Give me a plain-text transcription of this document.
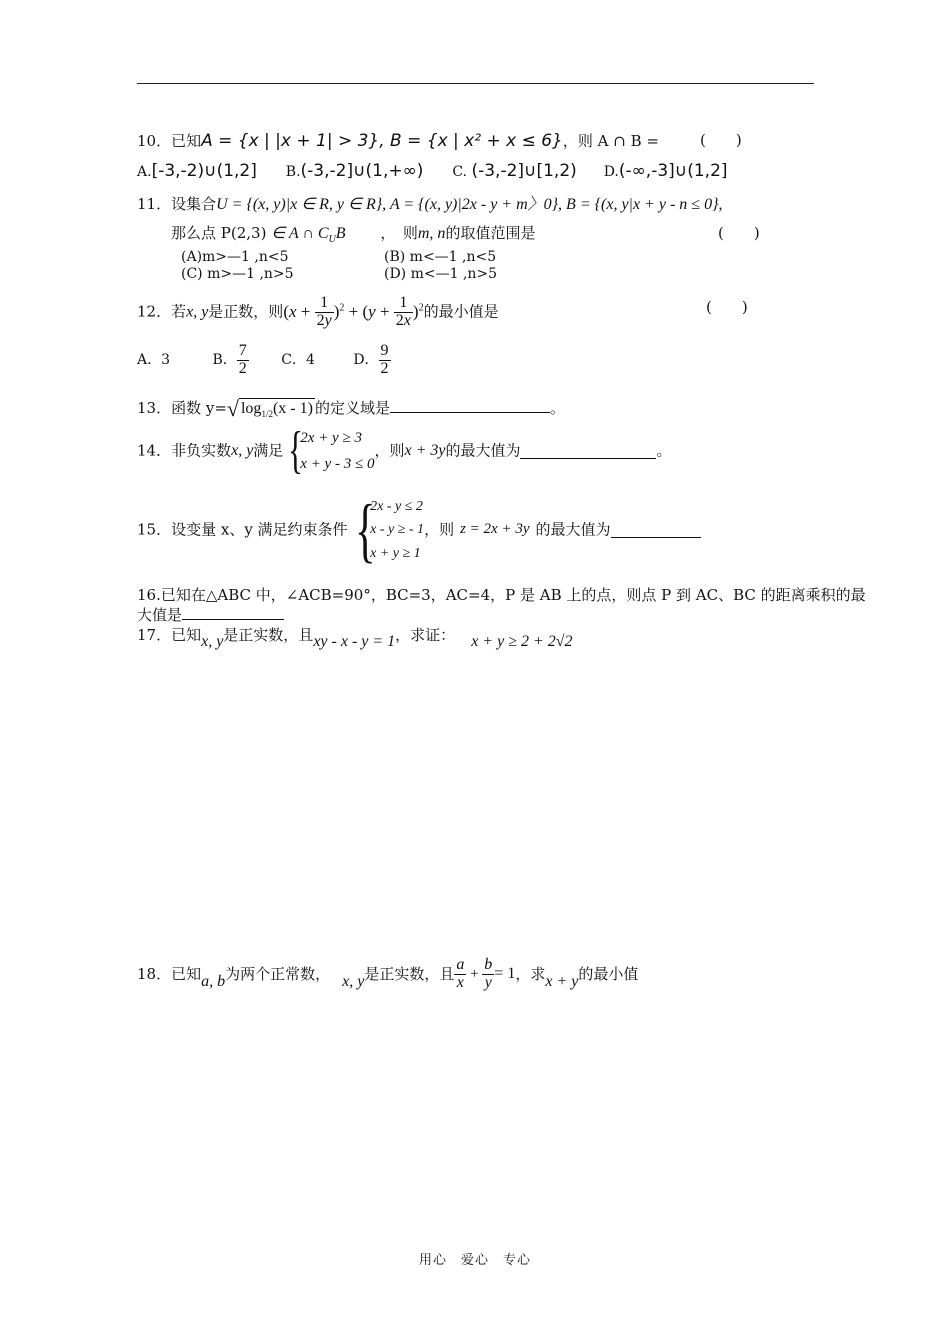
10．已知A = {x | |x + 1| > 3}, B = {x | x² + x ≤ 6}，则 A ∩ B =	(　　)
A.[-3,-2)∪(1,2] B.(-3,-2]∪(1,+∞) C. (-3,-2]∪[1,2) D.(-∞,-3]∪(1,2]
11．设集合U = {(x, y)|x ∈ R, y ∈ R}, A = {(x, y)|2x - y + m〉0}, B = {(x, y|x + y - n ≤ 0},
那么点 P(2,3) ∈ A ∩ $C_UB$ ，　则m, n的取值范围是	(　　)
(A)m>—1 ,n<5	(B) m<—1 ,n<5
(C) m>—1 ,n>5	(D) m<—1 ,n>5
12．若x, y是正数，则$(x + \frac{1}{2y} )^2 + (y + \frac{1}{2x} )^2$的最小值是	(　　)
A．3	B． $\frac{7}{2}$ C．4	D． $\frac{9}{2}$
13．函数 y=√ $\log_{1/2}(x - 1)$ 的定义域是	。
14．非负实数x, y满足{
2x + y ≥ 3
x + y - 3 ≤ 0
，则x + 3y的最大值为	。
15．设变量 x、y 满足约束条件{
2x - y ≤ 2
x - y ≥ - 1
x + y ≥ 1
，则 z = 2x + 3y 的最大值为
16.已知在△ABC 中，∠ACB=90°，BC=3，AC=4，P 是 AB 上的点，则点 P 到 AC、BC 的距离乘积的最
大值是
17．已知x, y是正实数，且xy - x - y = 1，求证： x + y ≥ 2 + 2√2
18．已知a, b为两个正常数， x, y是正实数，且 $\frac{a}{x} + \frac{b}{y} = 1$，求x + y的最小值
用心　爱心　专心
